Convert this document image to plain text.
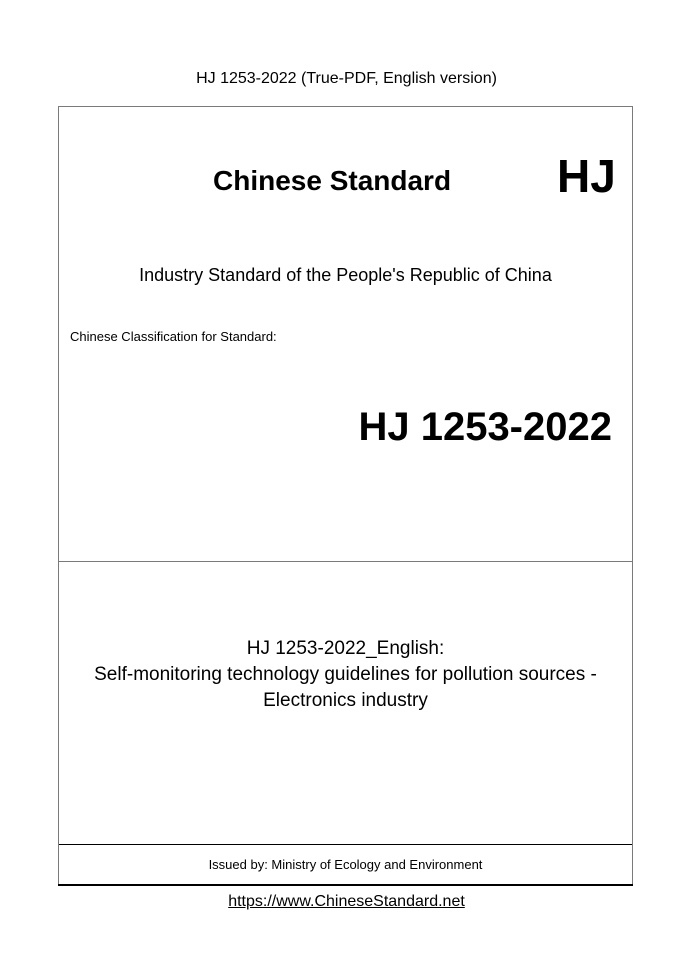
HJ 1253-2022 (True-PDF, English version)
Chinese Standard HJ
Industry Standard of the People's Republic of China
Chinese Classification for Standard:
HJ 1253-2022
HJ 1253-2022_English:
Self-monitoring technology guidelines for pollution sources -
Electronics industry
Issued by: Ministry of Ecology and Environment
https://www.ChineseStandard.net
